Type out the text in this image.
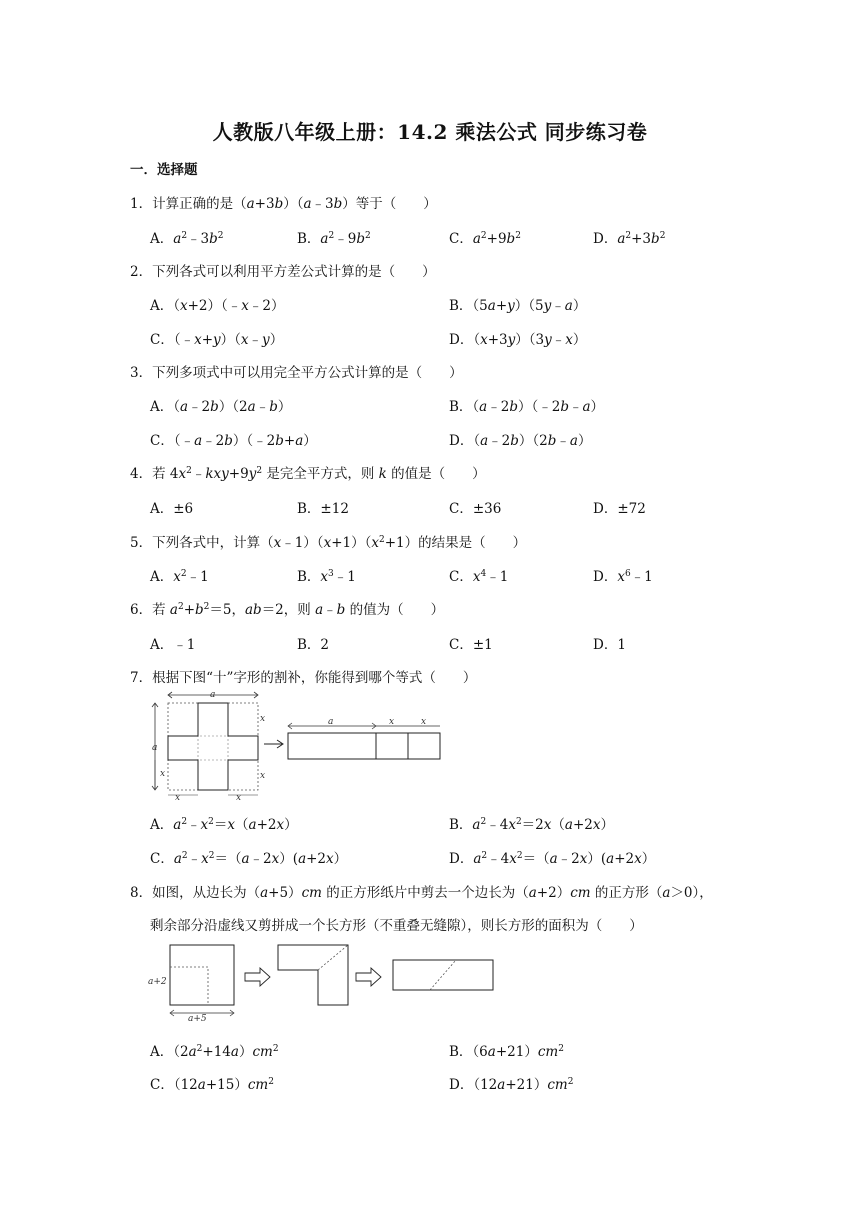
人教版八年级上册：14.2 乘法公式 同步练习卷
一．选择题
1．计算正确的是（a+3b）（a﹣3b）等于（　　）
A．$a^2﹣3b^2$	B．$a^2﹣9b^2$	C．$a^2+9b^2$	D．$a^2+3b^2$
2．下列各式可以利用平方差公式计算的是（　　）
A．（x+2）（﹣x﹣2）	B．（5a+y）（5y﹣a）
C．（﹣x+y）（x﹣y）	D．（x+3y）（3y﹣x）
3．下列多项式中可以用完全平方公式计算的是（　　）
A．（a﹣2b）（2a﹣b）	B．（a﹣2b）（﹣2b﹣a）
C．（﹣a﹣2b）（﹣2b+a）	D．（a﹣2b）（2b﹣a）
4．若 $4x^2﹣kxy+9y^2$ 是完全平方式，则 k 的值是（　　）
A．±6	B．±12	C．±36	D．±72
5．下列各式中，计算$(x﹣1)(x+1)(x^2+1)$的结果是（　　）
A．$x^2﹣1$	B．$x^3﹣1$	C．$x^4﹣1$	D．$x^6﹣1$
6．若 $a^2+b^2=5$，ab＝2，则 a﹣b 的值为（　　）
A．﹣1	B．2	C．±1	D．1
7．根据下图“十”字形的割补，你能得到哪个等式（　　）
a
a
x
x
x
x	x
a	x	x
A．$a^2﹣x^2=x(a+2x)$	B．$a^2﹣4x^2=2x(a+2x)$
C．$a^2﹣x^2=(a﹣2x)(a+2x)$	D．$a^2﹣4x^2=(a﹣2x)(a+2x)$
8．如图，从边长为（a+5）cm 的正方形纸片中剪去一个边长为（a+2）cm 的正方形（a＞0），
剩余部分沿虚线又剪拼成一个长方形（不重叠无缝隙），则长方形的面积为（　　）
a+2
a+5
A．$(2a^2+14a)cm^2$	B．$(6a+21)cm^2$
C．$(12a+15)cm^2$	D．$(12a+21)cm^2$
